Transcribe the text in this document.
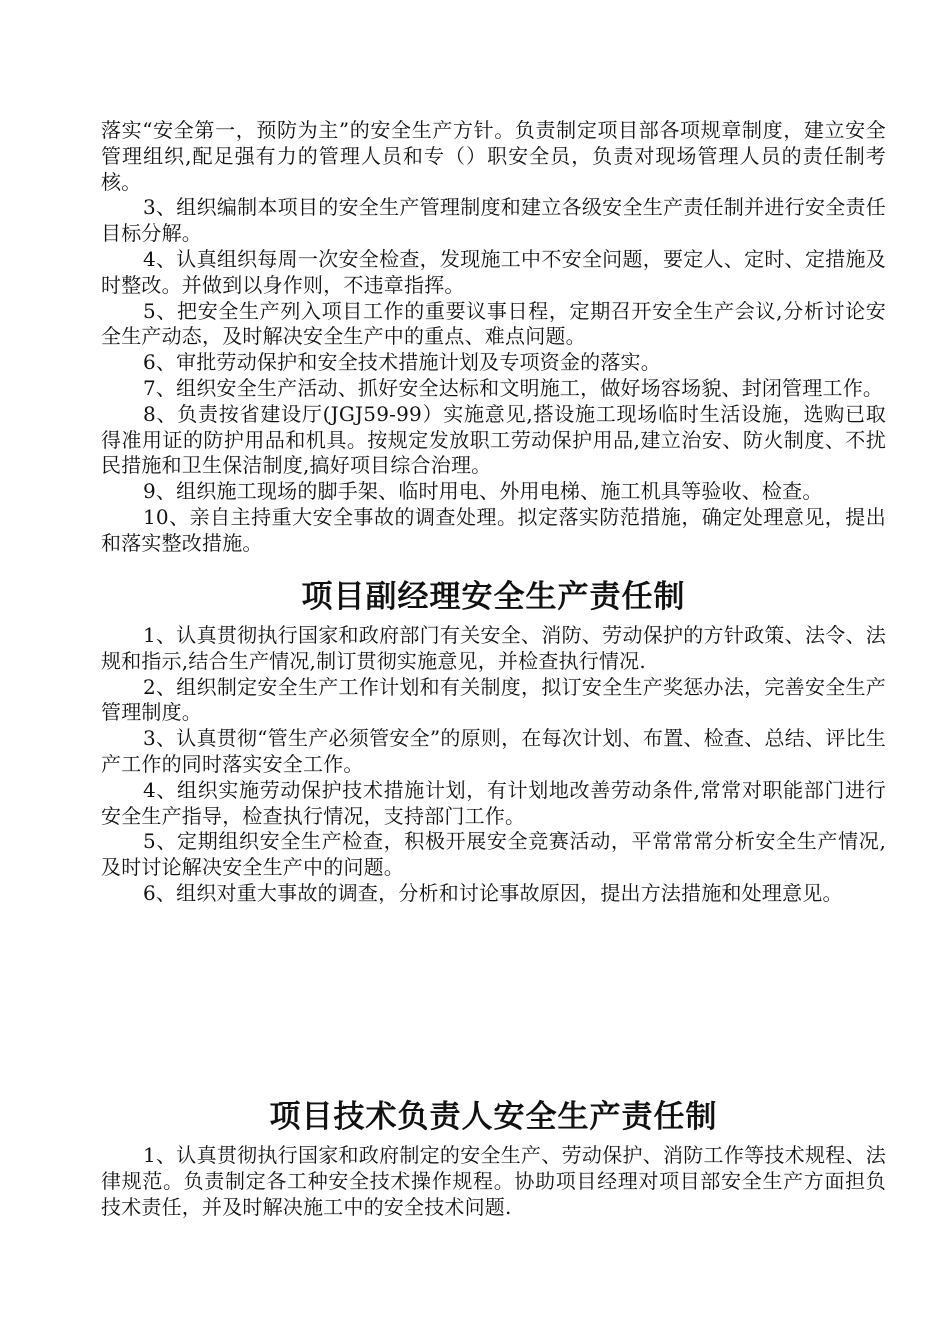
落实“安全第一，预防为主”的安全生产方针。负责制定项目部各项规章制度，建立安全管理组织,配足强有力的管理人员和专（）职安全员，负责对现场管理人员的责任制考核。

3、组织编制本项目的安全生产管理制度和建立各级安全生产责任制并进行安全责任目标分解。

4、认真组织每周一次安全检查，发现施工中不安全问题，要定人、定时、定措施及时整改。并做到以身作则，不违章指挥。

5、把安全生产列入项目工作的重要议事日程，定期召开安全生产会议,分析讨论安全生产动态，及时解决安全生产中的重点、难点问题。

6、审批劳动保护和安全技术措施计划及专项资金的落实。

7、组织安全生产活动、抓好安全达标和文明施工，做好场容场貌、封闭管理工作。

8、负责按省建设厅(JGJ59-99）实施意见,搭设施工现场临时生活设施，选购已取得准用证的防护用品和机具。按规定发放职工劳动保护用品,建立治安、防火制度、不扰民措施和卫生保洁制度,搞好项目综合治理。

9、组织施工现场的脚手架、临时用电、外用电梯、施工机具等验收、检查。

10、亲自主持重大安全事故的调查处理。拟定落实防范措施，确定处理意见，提出和落实整改措施。

项目副经理安全生产责任制

1、认真贯彻执行国家和政府部门有关安全、消防、劳动保护的方针政策、法令、法规和指示,结合生产情况,制订贯彻实施意见，并检查执行情况.

2、组织制定安全生产工作计划和有关制度，拟订安全生产奖惩办法，完善安全生产管理制度。

3、认真贯彻“管生产必须管安全”的原则，在每次计划、布置、检查、总结、评比生产工作的同时落实安全工作。

4、组织实施劳动保护技术措施计划，有计划地改善劳动条件,常常对职能部门进行安全生产指导，检查执行情况，支持部门工作。

5、定期组织安全生产检查，积极开展安全竞赛活动，平常常常分析安全生产情况,及时讨论解决安全生产中的问题。

6、组织对重大事故的调查，分析和讨论事故原因，提出方法措施和处理意见。

项目技术负责人安全生产责任制

1、认真贯彻执行国家和政府制定的安全生产、劳动保护、消防工作等技术规程、法律规范。负责制定各工种安全技术操作规程。协助项目经理对项目部安全生产方面担负技术责任，并及时解决施工中的安全技术问题.
